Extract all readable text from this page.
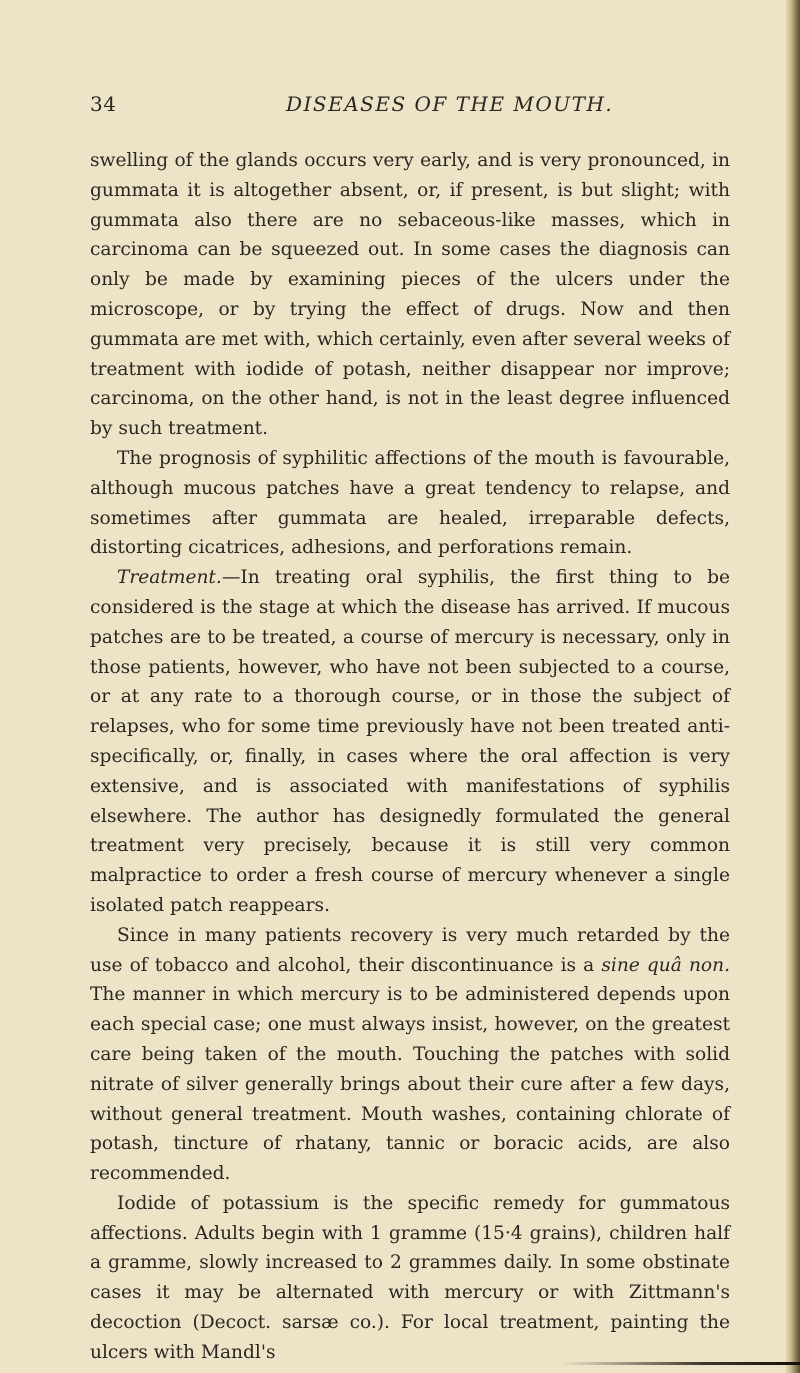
34	DISEASES OF THE MOUTH.

swelling of the glands occurs very early, and is very pronounced, in gummata it is altogether absent, or, if present, is but slight; with gummata also there are no sebaceous-like masses, which in carcinoma can be squeezed out. In some cases the diagnosis can only be made by examining pieces of the ulcers under the microscope, or by trying the effect of drugs. Now and then gummata are met with, which certainly, even after several weeks of treatment with iodide of potash, neither disappear nor improve; carcinoma, on the other hand, is not in the least degree influenced by such treatment.

The prognosis of syphilitic affections of the mouth is favourable, although mucous patches have a great tendency to relapse, and sometimes after gummata are healed, irreparable defects, distorting cicatrices, adhesions, and perforations remain.

Treatment.—In treating oral syphilis, the first thing to be considered is the stage at which the disease has arrived. If mucous patches are to be treated, a course of mercury is necessary, only in those patients, however, who have not been subjected to a course, or at any rate to a thorough course, or in those the subject of relapses, who for some time previously have not been treated anti-specifically, or, finally, in cases where the oral affection is very extensive, and is associated with manifestations of syphilis elsewhere. The author has designedly formulated the general treatment very precisely, because it is still very common malpractice to order a fresh course of mercury whenever a single isolated patch reappears.

Since in many patients recovery is very much retarded by the use of tobacco and alcohol, their discontinuance is a sine quâ non. The manner in which mercury is to be administered depends upon each special case; one must always insist, however, on the greatest care being taken of the mouth. Touching the patches with solid nitrate of silver generally brings about their cure after a few days, without general treatment. Mouth washes, containing chlorate of potash, tincture of rhatany, tannic or boracic acids, are also recommended.

Iodide of potassium is the specific remedy for gummatous affections. Adults begin with 1 gramme (15·4 grains), children half a gramme, slowly increased to 2 grammes daily. In some obstinate cases it may be alternated with mercury or with Zittmann's decoction (Decoct. sarsæ co.). For local treatment, painting the ulcers with Mandl's
